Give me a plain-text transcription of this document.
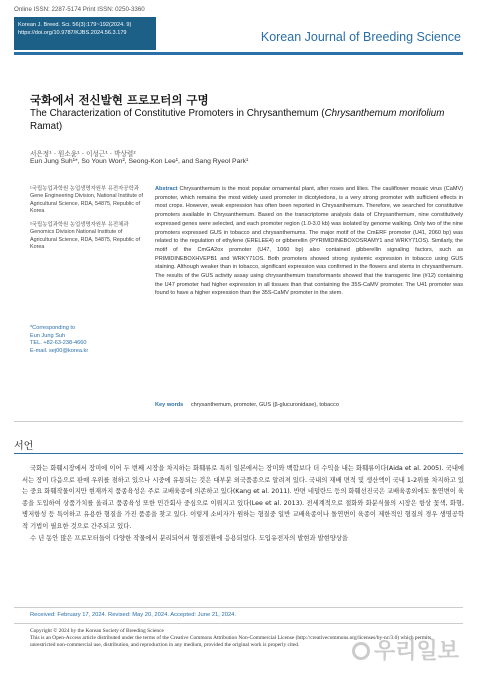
Online ISSN: 2287-5174 Print ISSN: 0250-3360
Korean J. Breed. Sci. 56(3):179~192(2024. 9)
https://doi.org/10.9787/KJBS.2024.56.3.179	Korean Journal of Breeding Science
국화에서 전신발현 프로모터의 구명
The Characterization of Constitutive Promoters in Chrysanthemum (Chrysanthemum morifolium Ramat)
서은정¹ · 원소윤¹ · 이성근¹ · 박상렬²
Eun Jung Suh¹*, So Youn Won², Seong-Kon Lee¹, and Sang Ryeol Park¹
¹국립농업과학원 농업생명자원부 유전자공학과
Gene Engineering Division, National Institute of Agricultural Science, RDA, 54875, Republic of Korea
²국립농업과학원 농업생명자원부 유전체과
Genomics Division National Institute of Agricultural Science, RDA, 54875, Republic of Korea
*Corresponding to
Eun Jung Suh
TEL. +82-63-238-4660
E-mail. sej00@korea.kr
Abstract Chrysanthemum is the most popular ornamental plant, after roses and lilies. The cauliflower mosaic virus (CaMV) promoter, which remains the most widely used promoter in dicotyledons, is a very strong promoter with sufficient effects in most crops. However, weak expression has often been reported in Chrysanthemum. Therefore, we searched for constitutive promoters available in Chrysanthemum. Based on the transcriptome analysis data of Chrysanthemum, nine constitutively expressed genes were selected, and each promoter region (1.0-3.0 kb) was isolated by genome walking. Only two of the nine promoters expressed GUS in tobacco and chrysanthemums. The major motif of the CmERF promoter (U41, 2060 bp) was related to the regulation of ethylene (ERELEE4) or gibberellin (PYRIMIDINEBOXOSRAMY1 and WRKY71OS). Similarly, the motif of the CmGA2ox promoter (U47, 1060 bp) also contained gibberellin signaling factors, such as PRIMIDINEBOXHVEPB1 and WRKY71OS. Both promoters showed strong systemic expression in tobacco using GUS staining. Although weaker than in tobacco, significant expression was confirmed in the flowers and stems in chrysanthemum. The results of the GUS activity assay using chrysanthemum transformants showed that the transgenic line (#12) containing the U47 promoter had higher expression in all tissues than that containing the 35S-CaMV promoter. The U41 promoter was found to have a higher expression than the 35S-CaMV promoter in the stem.
Key words chrysanthemum, promoter, GUS (β-glucuronidase), tobacco
서언

국화는 화훼시장에서 장미에 이어 두 번째 시장을 차지하는 화훼류로 특히 일본에서는 장미와 백합보다 더 수익을 내는 화훼류이다(Aida et al. 2005). 국내에서는 장미 다음으로 판매 우위를 점하고 있으나 시중에 유통되는 것은 대부분 외국품종으로 알려져 있다. 국내의 재배 면적 및 생산액이 국내 1-2위를 차지하고 있는 중요 화훼작물이지만 현재까지 품종육성은 주로 교배육종에 의존하고 있다(Kang et al. 2011). 반면 네덜란드 등의 화훼선진국은 교배육종외에도 돌연변이 육종을 도입하여 상품가치를 올리고 품종육성 또한 민간회사 중심으로 이뤄지고 있다(Lee et al. 2013). 전세계적으로 절화와 화분식물의 시장은 항상 꽃색, 화형, 병저항성 등 특이하고 유용한 형질을 가진 품종을 찾고 있다. 이렇게 소비자가 원하는 형질중 일반 교배육종이나 돌연변이 육종이 제한적인 형질의 경우 생명공학적 기법이 필요한 것으로 간주되고 있다.

수 년 동안 많은 프로모터들이 다양한 작물에서 분리되어서 형질전환에 응용되었다. 도입유전자의 발현과 발현양상을

Received: February 17, 2024. Revised: May 20, 2024. Accepted: June 21, 2024.
Copyright © 2024 by the Korean Society of Breeding Science
This is an Open-Access article distributed under the terms of the Creative Commons Attribution Non-Commercial License (http://creativecommons.org/licenses/by-nc/3.0) which permits unrestricted non-commercial use, distribution, and reproduction in any medium, provided the original work is properly cited.	우리일보
